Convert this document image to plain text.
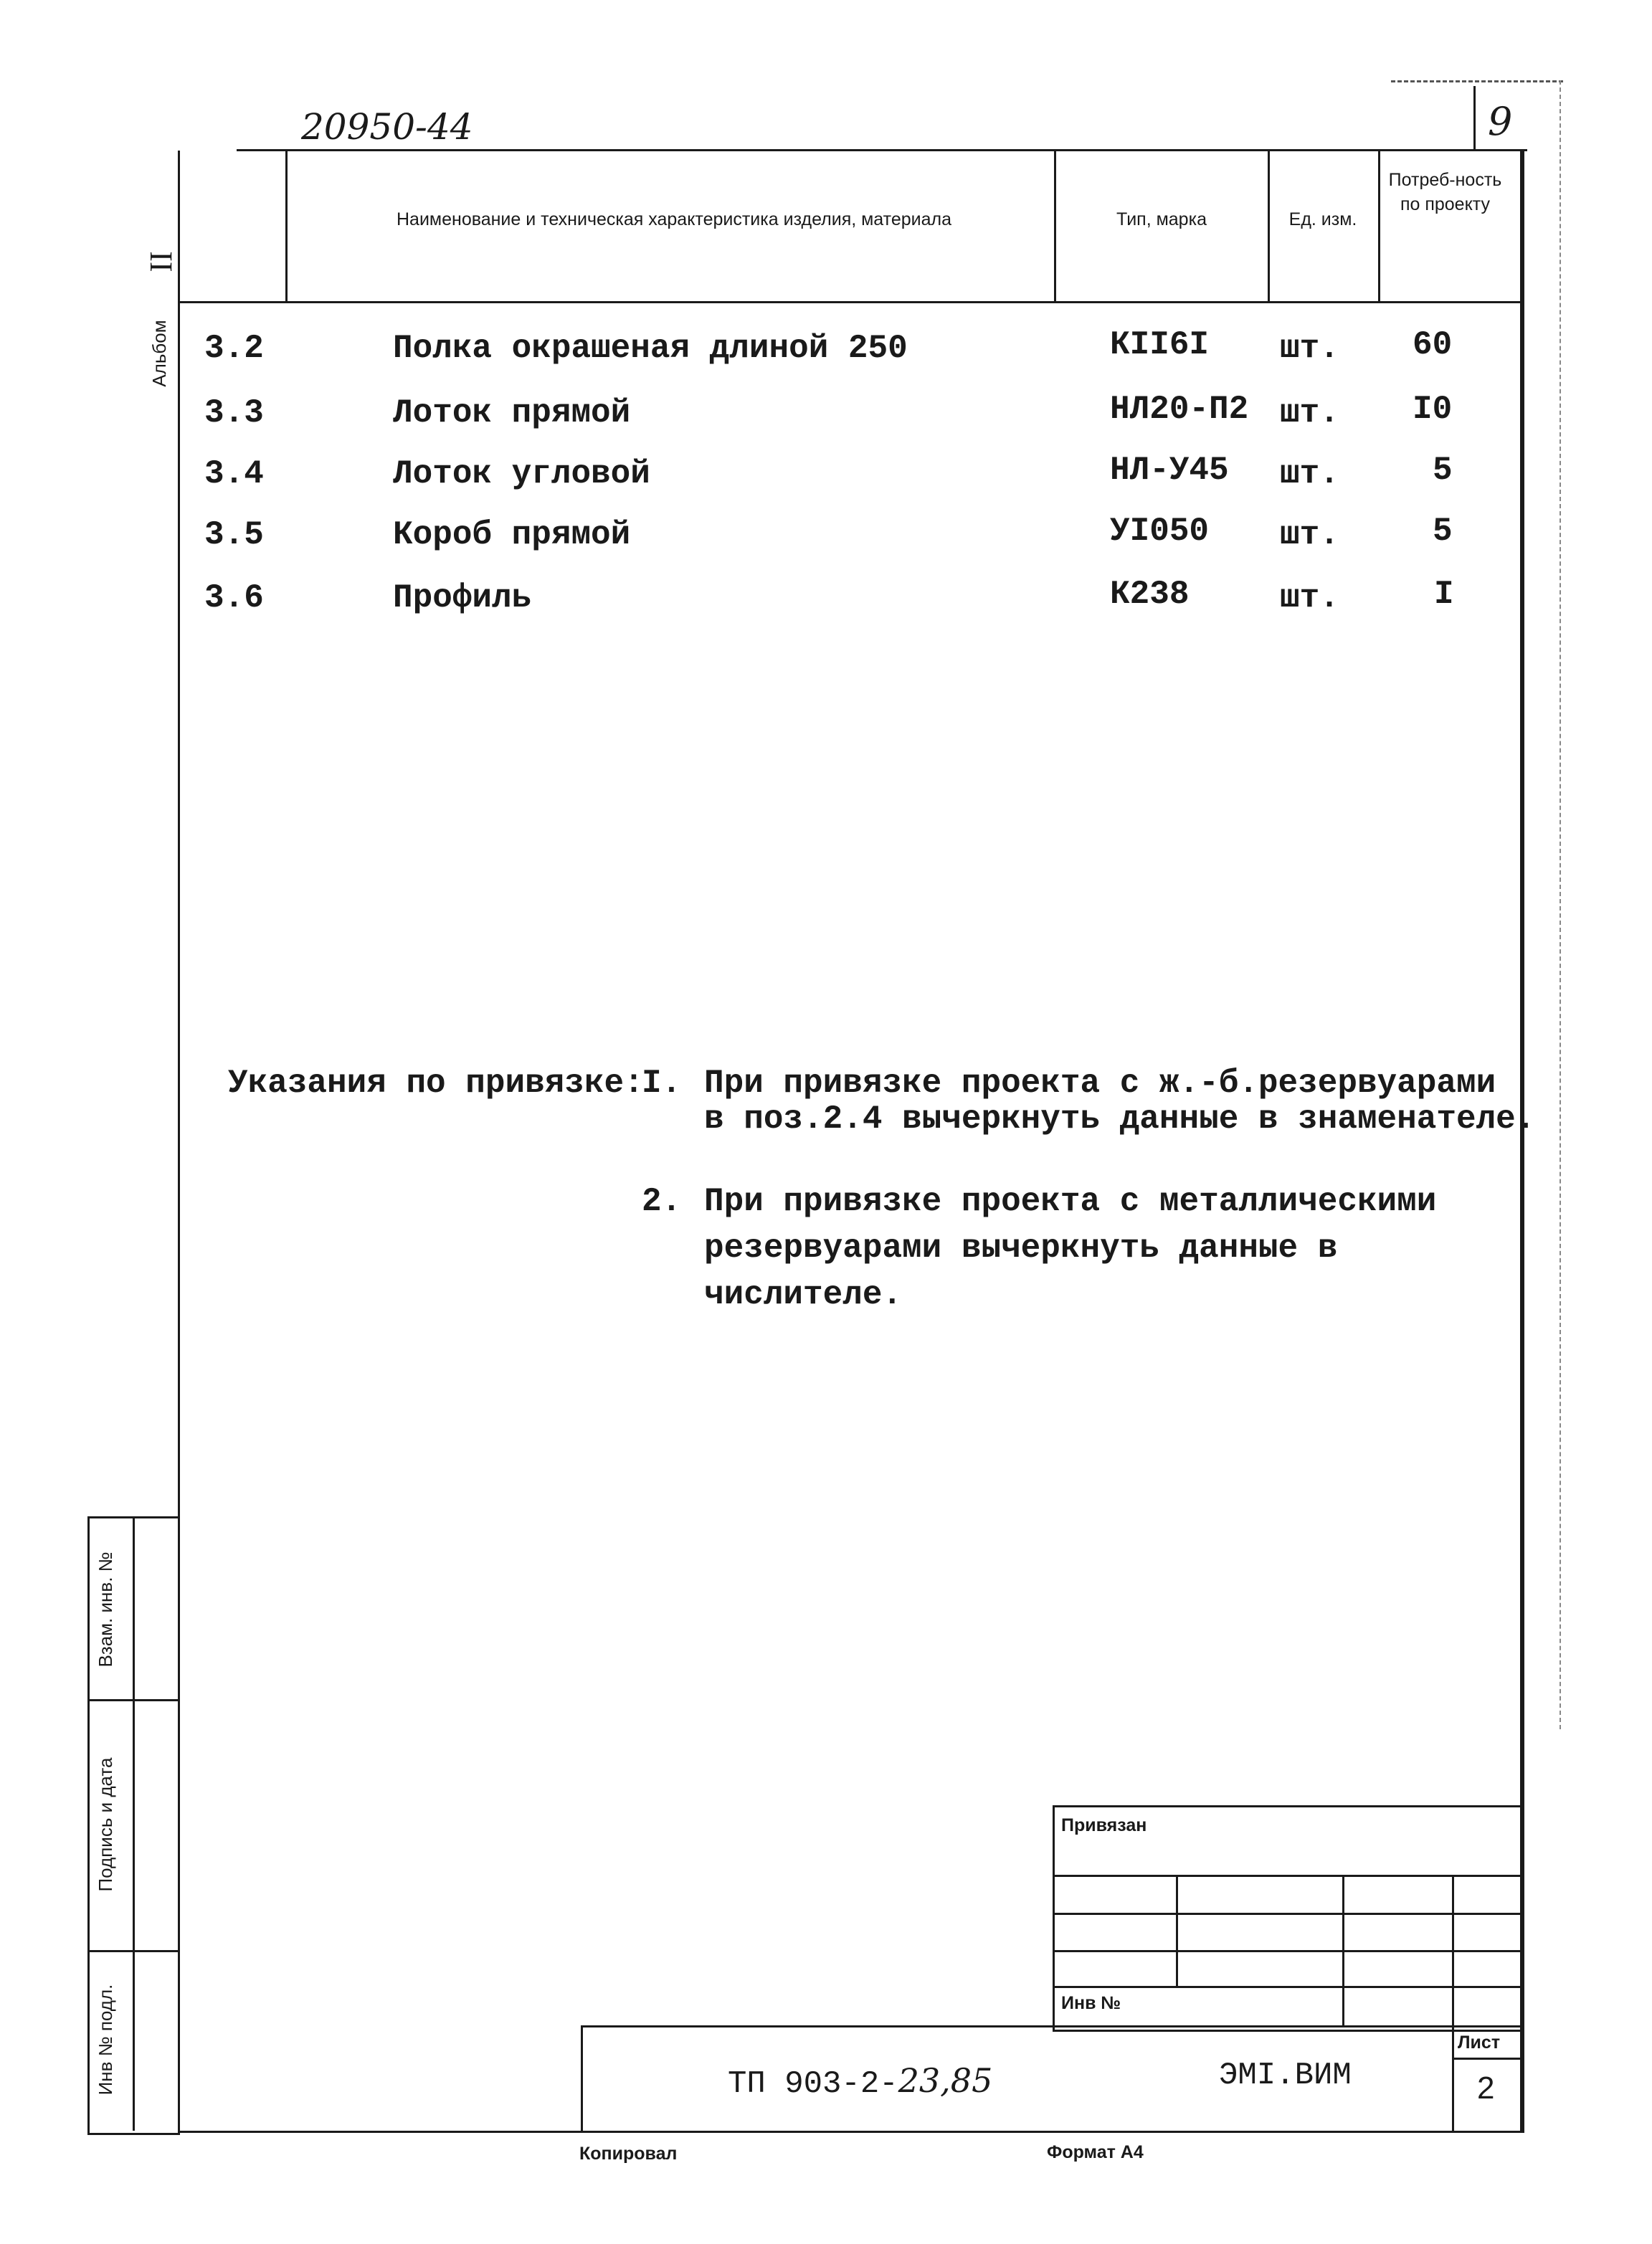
20950-44	9
Наименование и техническая характеристика изделия, материала	Тип, марка	Ед. изм.
Потреб-ность по проекту
Альбом
II
3.2	Полка окрашеная длиной 250	КII6I шт. 60
3.3	Лоток прямой	НЛ20-П2 шт. I0
3.4	Лоток угловой	НЛ-У45 шт.	5
3.5	Короб прямой	УI050 шт.	5
3.6	Профиль	К238	шт.	I
Указания по привязке:
I. При привязке проекта с ж.-б.резервуарами
в поз.2.4 вычеркнуть данные в знаменателе.
2. При привязке проекта с металлическими
резервуарами вычеркнуть данные в
числителе.
Взам. инв. №
Подпись и дата
Инв № подл.
Привязан
Инв №
ТП 903-2-23,85	ЭМI.ВИМ
Лист
2
Копировал	Формат А4
